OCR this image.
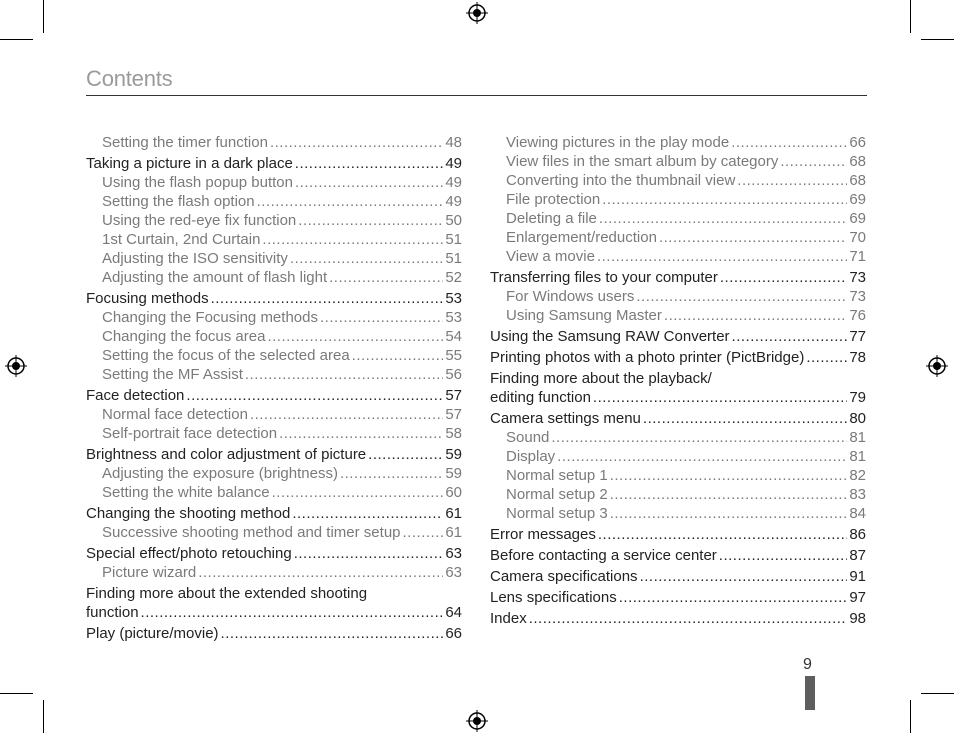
Contents
Setting the timer function .....	48
Taking a picture in a dark place .....	49
Using the flash popup button .....	49
Setting the flash option .....	49
Using the red-eye fix function .....	50
1st Curtain, 2nd Curtain .....	51
Adjusting the ISO sensitivity .....	51
Adjusting the amount of flash light .....	52
Focusing methods .....	53
Changing the Focusing methods .....	53
Changing the focus area .....	54
Setting the focus of the selected area .....	55
Setting the MF Assist .....	56
Face detection .....	57
Normal face detection .....	57
Self-portrait face detection .....	58
Brightness and color adjustment of picture .....	59
Adjusting the exposure (brightness) .....	59
Setting the white balance .....	60
Changing the shooting method .....	61
Successive shooting method and timer setup .....	61
Special effect/photo retouching .....	63
Picture wizard .....	63
Finding more about the extended shooting
function .....	64
Play (picture/movie) .....	66
Viewing pictures in the play mode .....	66
View files in the smart album by category .....	68
Converting into the thumbnail view .....	68
File protection .....	69
Deleting a file .....	69
Enlargement/reduction .....	70
View a movie .....	71
Transferring files to your computer .....	73
For Windows users .....	73
Using Samsung Master .....	76
Using the Samsung RAW Converter .....	77
Printing photos with a photo printer (PictBridge) .....	78
Finding more about the playback/
editing function .....	79
Camera settings menu .....	80
Sound .....	81
Display .....	81
Normal setup 1 .....	82
Normal setup 2 .....	83
Normal setup 3 .....	84
Error messages .....	86
Before contacting a service center .....	87
Camera specifications .....	91
Lens specifications .....	97
Index .....	98
9
